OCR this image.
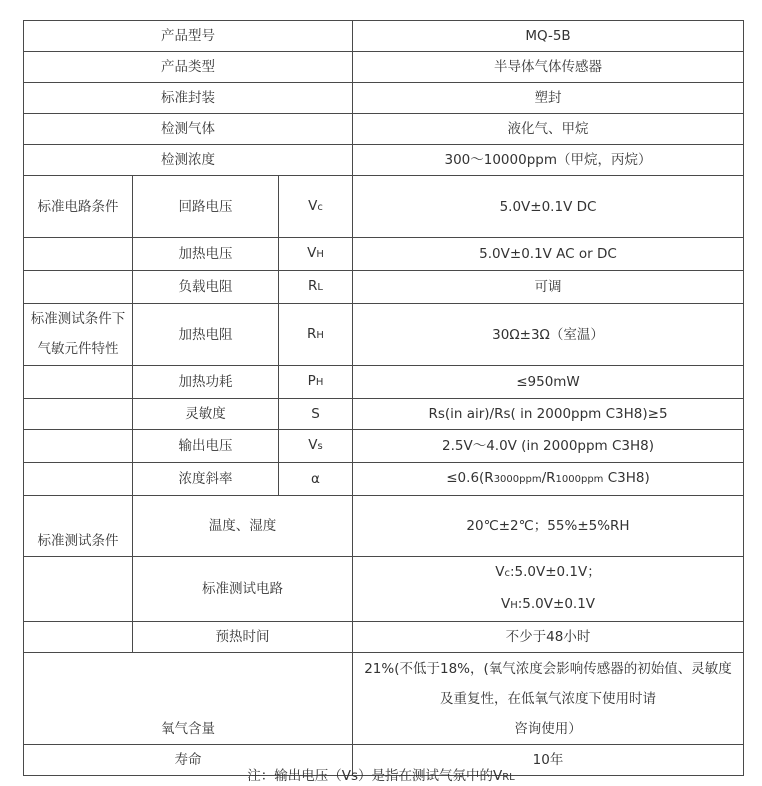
产品型号			MQ-5B
产品类型			半导体气体传感器
标准封装			塑封
检测气体			液化气、甲烷
检测浓度			300～10000ppm（甲烷，丙烷）
标准电路条件	回路电压	Vc	5.0V±0.1V DC
	加热电压	VH	5.0V±0.1V AC or DC
	负载电阻	RL	可调
标准测试条件下
气敏元件特性	加热电阻	RH	30Ω±3Ω（室温）
	加热功耗	PH	≤950mW
	灵敏度	S	Rs(in air)/Rs( in 2000ppm C3H8)≥5
	输出电压	Vs	2.5V～4.0V (in 2000ppm C3H8)
	浓度斜率	α	≤0.6(R3000ppm/R1000ppm C3H8)
标准测试条件	温度、湿度		20℃±2℃；55%±5%RH
	标准测试电路		Vc:5.0V±0.1V；
VH:5.0V±0.1V

	预热时间		不少于48小时
氧气含量			21%(不低于18%，(氧气浓度会影响传感器的初始值、灵敏度
及重复性，在低氧气浓度下使用时请
咨询使用）

寿命			10年
注：输出电压（Vs）是指在测试气氛中的VRL
